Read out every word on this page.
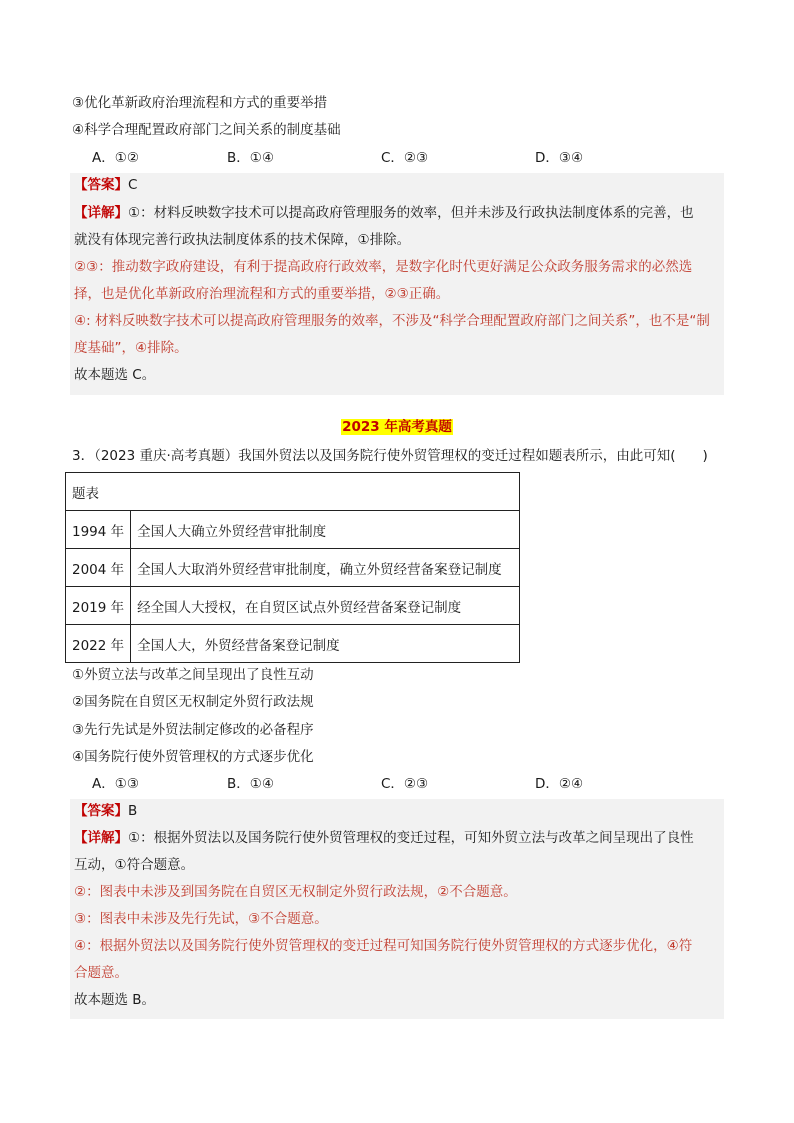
③优化革新政府治理流程和方式的重要举措
④科学合理配置政府部门之间关系的制度基础
A．①②	B．①④	C．②③	D．③④
【答案】C
【详解】①：材料反映数字技术可以提高政府管理服务的效率，但并未涉及行政执法制度体系的完善，也
就没有体现完善行政执法制度体系的技术保障，①排除。
②③：推动数字政府建设，有利于提高政府行政效率，是数字化时代更好满足公众政务服务需求的必然选
择，也是优化革新政府治理流程和方式的重要举措，②③正确。
④: 材料反映数字技术可以提高政府管理服务的效率，不涉及“科学合理配置政府部门之间关系”，也不是“制
度基础”，④排除。
故本题选 C。
2023 年高考真题
3．（2023 重庆·高考真题）我国外贸法以及国务院行使外贸管理权的变迁过程如题表所示，由此可知(　　)
题表	
1994 年	全国人大确立外贸经营审批制度
2004 年	全国人大取消外贸经营审批制度，确立外贸经营备案登记制度
2019 年	经全国人大授权，在自贸区试点外贸经营备案登记制度
2022 年	全国人大，外贸经营备案登记制度
①外贸立法与改革之间呈现出了良性互动
②国务院在自贸区无权制定外贸行政法规
③先行先试是外贸法制定修改的必备程序
④国务院行使外贸管理权的方式逐步优化
A．①③	B．①④	C．②③	D．②④
【答案】B
【详解】①：根据外贸法以及国务院行使外贸管理权的变迁过程，可知外贸立法与改革之间呈现出了良性
互动，①符合题意。
②：图表中未涉及到国务院在自贸区无权制定外贸行政法规，②不合题意。
③：图表中未涉及先行先试，③不合题意。
④：根据外贸法以及国务院行使外贸管理权的变迁过程可知国务院行使外贸管理权的方式逐步优化，④符
合题意。
故本题选 B。
